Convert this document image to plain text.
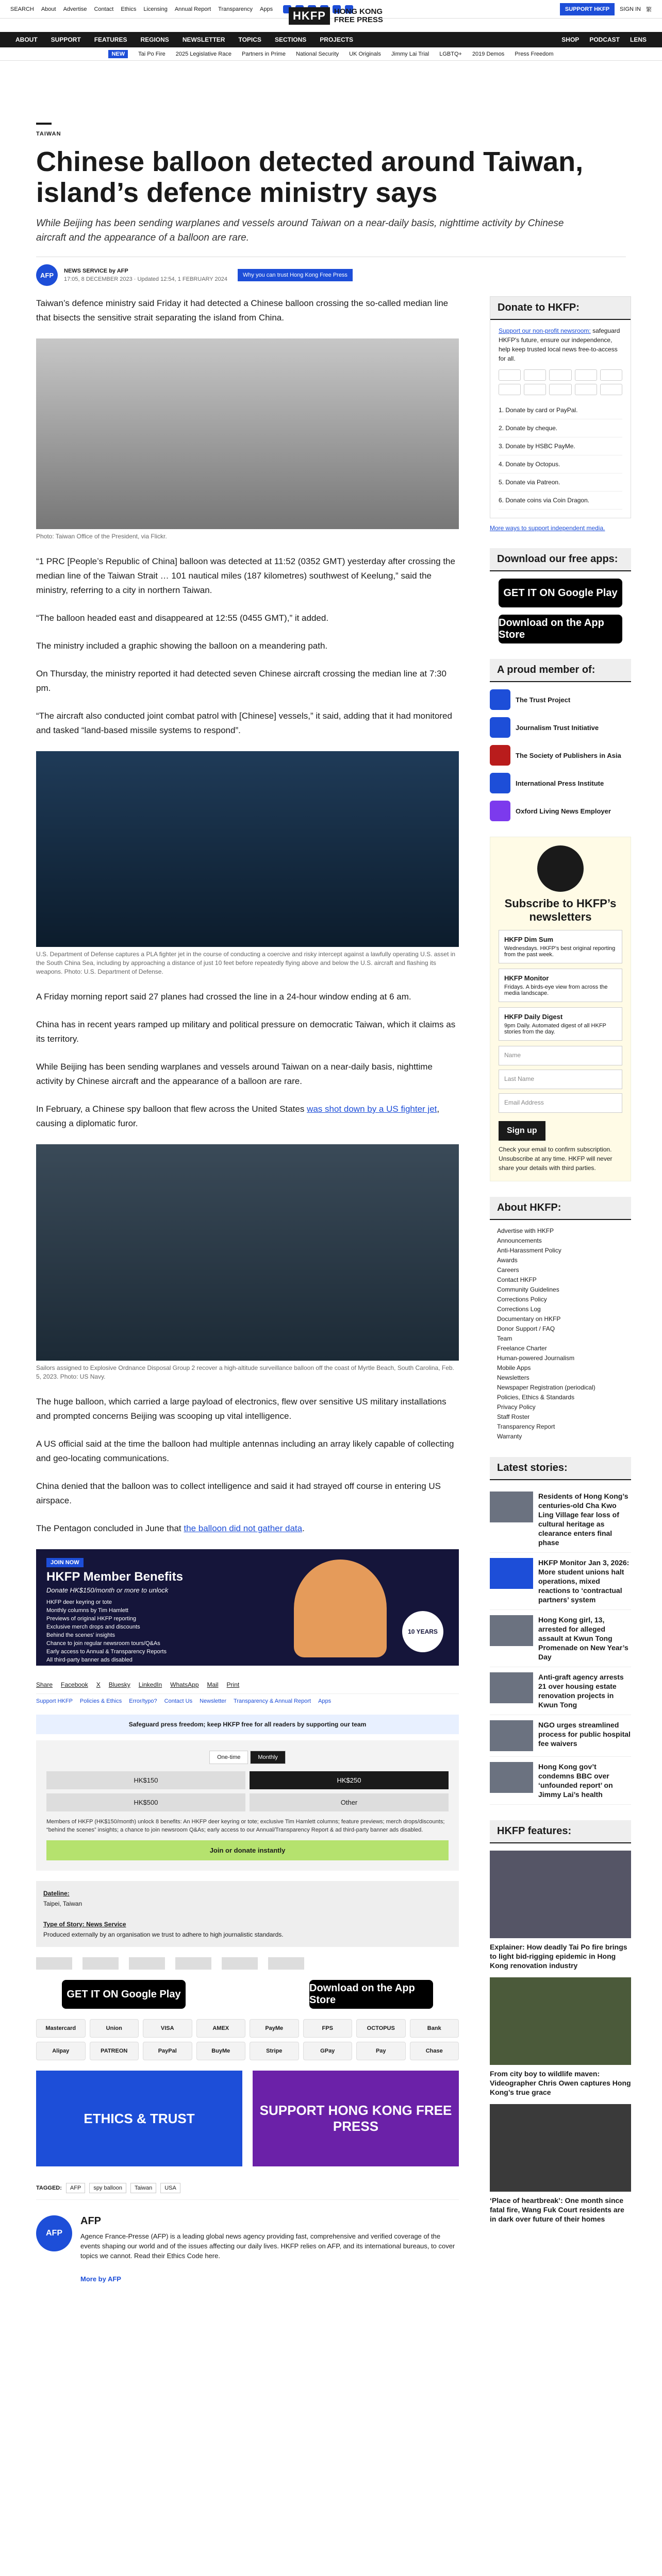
SEARCH About Advertise Contact Ethics Licensing Annual Report Transparency Apps
HKFP	HONG KONG
FREE PRESS
SUPPORT HKFP	SIGN IN 繁
ABOUT SUPPORT FEATURES REGIONS NEWSLETTER TOPICS SECTIONS PROJECTS	SHOP PODCAST LENS
NEW	Tai Po Fire 2025 Legislative Race Partners in Prime National Security UK Originals Jimmy Lai Trial LGBTQ+ 2019 Demos Press Freedom
TAIWAN
Chinese balloon detected around Taiwan, island’s defence ministry says
While Beijing has been sending warplanes and vessels around Taiwan on a near-daily basis, nighttime activity by Chinese aircraft and the appearance of a balloon are rare.
AFP
NEWS SERVICE by AFP
17:05, 8 DECEMBER 2023 · Updated 12:54, 1 FEBRUARY 2024
Why you can trust Hong Kong Free Press

Taiwan’s defence ministry said Friday it had detected a Chinese balloon crossing the so-called median line that bisects the sensitive strait separating the island from China.

Photo: Taiwan Office of the President, via Flickr.

“1 PRC [People’s Republic of China] balloon was detected at 11:52 (0352 GMT) yesterday after crossing the median line of the Taiwan Strait … 101 nautical miles (187 kilometres) southwest of Keelung,” said the ministry, referring to a city in northern Taiwan.

“The balloon headed east and disappeared at 12:55 (0455 GMT),” it added.

The ministry included a graphic showing the balloon on a meandering path.

On Thursday, the ministry reported it had detected seven Chinese aircraft crossing the median line at 7:30 pm.

“The aircraft also conducted joint combat patrol with [Chinese] vessels,” it said, adding that it had monitored and tasked “land-based missile systems to respond”.

U.S. Department of Defense captures a PLA fighter jet in the course of conducting a coercive and risky intercept against a lawfully operating U.S. asset in the South China Sea, including by approaching a distance of just 10 feet before repeatedly flying above and below the U.S. aircraft and flashing its weapons. Photo: U.S. Department of Defense.

A Friday morning report said 27 planes had crossed the line in a 24-hour window ending at 6 am.

China has in recent years ramped up military and political pressure on democratic Taiwan, which it claims as its territory.

While Beijing has been sending warplanes and vessels around Taiwan on a near-daily basis, nighttime activity by Chinese aircraft and the appearance of a balloon are rare.

In February, a Chinese spy balloon that flew across the United States was shot down by a US fighter jet, causing a diplomatic furor.

Sailors assigned to Explosive Ordnance Disposal Group 2 recover a high-altitude surveillance balloon off the coast of Myrtle Beach, South Carolina, Feb. 5, 2023. Photo: US Navy.

The huge balloon, which carried a large payload of electronics, flew over sensitive US military installations and prompted concerns Beijing was scooping up vital intelligence.

A US official said at the time the balloon had multiple antennas including an array likely capable of collecting and geo-locating communications.

China denied that the balloon was to collect intelligence and said it had strayed off course in entering US airspace.

The Pentagon concluded in June that the balloon did not gather data.

JOIN NOW
HKFP Member Benefits
Donate HK$150/month or more to unlock
HKFP deer keyring or tote
Monthly columns by Tim Hamlett
Previews of original HKFP reporting
Exclusive merch drops and discounts
Behind the scenes' insights
Chance to join regular newsroom tours/Q&As
Early access to Annual & Transparency Reports
All third-party banner ads disabled
10 YEARS
Share Facebook X Bluesky LinkedIn WhatsApp Mail Print
Support HKFP Policies & Ethics Error/typo? Contact Us Newsletter Transparency & Annual Report Apps
Safeguard press freedom; keep HKFP free for all readers by supporting our team
One-time	Monthly
HK$150	HK$250
HK$500	Other
Members of HKFP (HK$150/month) unlock 8 benefits: An HKFP deer keyring or tote; exclusive Tim Hamlett columns; feature previews; merch drops/discounts; “behind the scenes” insights; a chance to join newsroom Q&As; early access to our Annual/Transparency Report & ad third-party banner ads disabled.
Join or donate instantly
Dateline:
Taipei, Taiwan

Type of Story: News Service
Produced externally by an organisation we trust to adhere to high journalistic standards.
GET IT ON Google Play
Download on the App Store
Mastercard	Union	VISA	AMEX	PayMe	FPS	OCTOPUS	Bank
Alipay	PATREON	PayPal	BuyMe	Stripe	GPay	Pay	Chase
ETHICS & TRUST
SUPPORT HONG KONG FREE PRESS
TAGGED:	AFP	spy balloon	Taiwan	USA
AFP
AFP

Agence France-Presse (AFP) is a leading global news agency providing fast, comprehensive and verified coverage of the events shaping our world and of the issues affecting our daily lives. HKFP relies on AFP, and its international bureaus, to cover topics we cannot. Read their Ethics Code here.

More by AFP

Donate to HKFP:

Support our non-profit newsroom: safeguard HKFP's future, ensure our independence, help keep trusted local news free-to-access for all.

1. Donate by card or PayPal.
2. Donate by cheque.
3. Donate by HSBC PayMe.
4. Donate by Octopus.
5. Donate via Patreon.
6. Donate coins via Coin Dragon.

More ways to support independent media.

Download our free apps:
GET IT ON Google Play
Download on the App Store
A proud member of:
The Trust Project
Journalism Trust Initiative
The Society of Publishers in Asia
International Press Institute
Oxford Living News Employer
Subscribe to HKFP’s newsletters
HKFP Dim Sum
Wednesdays. HKFP's best original reporting from the past week.
HKFP Monitor
Fridays. A birds-eye view from across the media landscape.
HKFP Daily Digest
9pm Daily. Automated digest of all HKFP stories from the day.
Name
Last Name
Email Address
Sign up

Check your email to confirm subscription. Unsubscribe at any time. HKFP will never share your details with third parties.

About HKFP:
Advertise with HKFP
Announcements
Anti-Harassment Policy
Awards
Careers
Contact HKFP
Community Guidelines
Corrections Policy
Corrections Log
Documentary on HKFP
Donor Support / FAQ
Team
Freelance Charter
Human-powered Journalism
Mobile Apps
Newsletters
Newspaper Registration (periodical)
Policies, Ethics & Standards
Privacy Policy
Staff Roster
Transparency Report
Warranty
Latest stories:
Residents of Hong Kong’s centuries-old Cha Kwo Ling Village fear loss of cultural heritage as clearance enters final phase
HKFP Monitor Jan 3, 2026: More student unions halt operations, mixed reactions to ‘contractual partners’ system
Hong Kong girl, 13, arrested for alleged assault at Kwun Tong Promenade on New Year’s Day
Anti-graft agency arrests 21 over housing estate renovation projects in Kwun Tong
NGO urges streamlined process for public hospital fee waivers
Hong Kong gov’t condemns BBC over ‘unfounded report’ on Jimmy Lai’s health
HKFP features:
Explainer: How deadly Tai Po fire brings to light bid-rigging epidemic in Hong Kong renovation industry
From city boy to wildlife maven: Videographer Chris Owen captures Hong Kong’s true grace
‘Place of heartbreak’: One month since fatal fire, Wang Fuk Court residents are in dark over future of their homes
